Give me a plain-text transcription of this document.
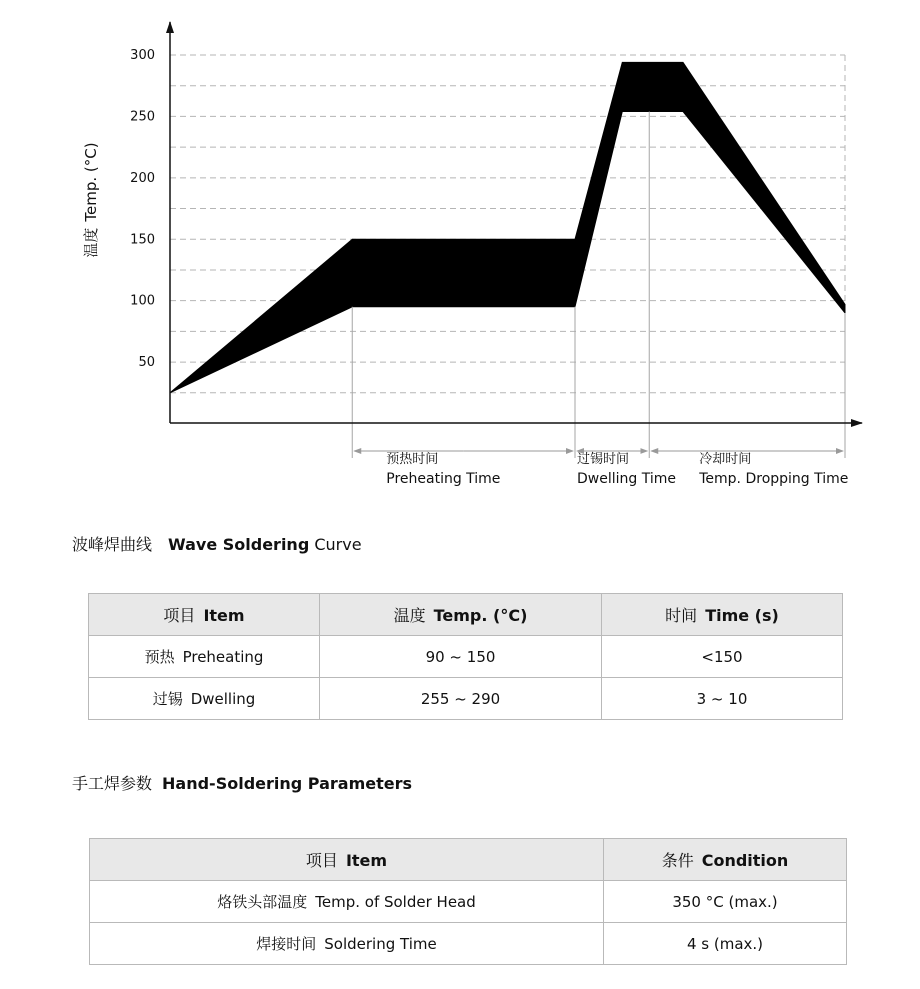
300
250
200
150
100
50
预热时间
Preheating Time
过锡时间
Dwelling Time
冷却时间
Temp. Dropping Time
温度Temp. (°C)
波峰焊曲线 Wave Soldering Curve
项目 Item	温度 Temp. (°C)	时间 Time (s)
预热 Preheating	90 ~ 150	<150
过锡 Dwelling	255 ~ 290	3 ~ 10
手工焊参数 Hand-Soldering Parameters
项目 Item	条件 Condition
烙铁头部温度 Temp. of Solder Head	350 °C (max.)
焊接时间 Soldering Time	4 s (max.)
